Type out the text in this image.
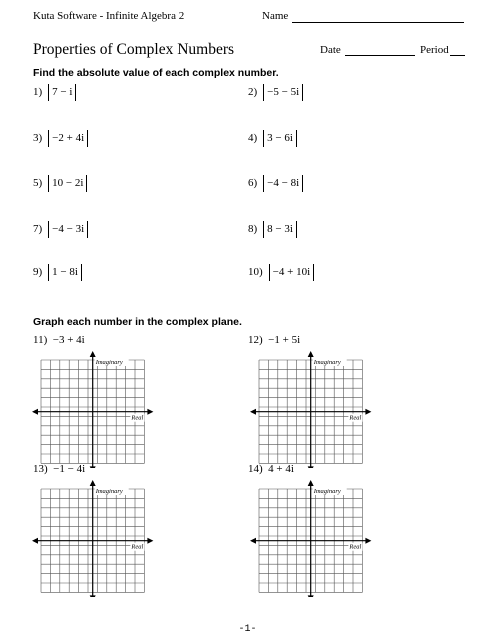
Kuta Software - Infinite Algebra 2	Name
Properties of Complex Numbers	Date	Period
Find the absolute value of each complex number.
1) 7 − i	2) −5 − 5i
3) −2 + 4i	4) 3 − 6i
5) 10 − 2i	6) −4 − 8i
7) −4 − 3i	8) 8 − 3i
9) 1 − 8i	10) −4 + 10i
Graph each number in the complex plane.
11) −3 + 4i	12) −1 + 5i
13) −1 − 4i	14) 4 + 4i
Imaginary
Real
Imaginary
Real
Imaginary
Real
Imaginary
Real
-1-
